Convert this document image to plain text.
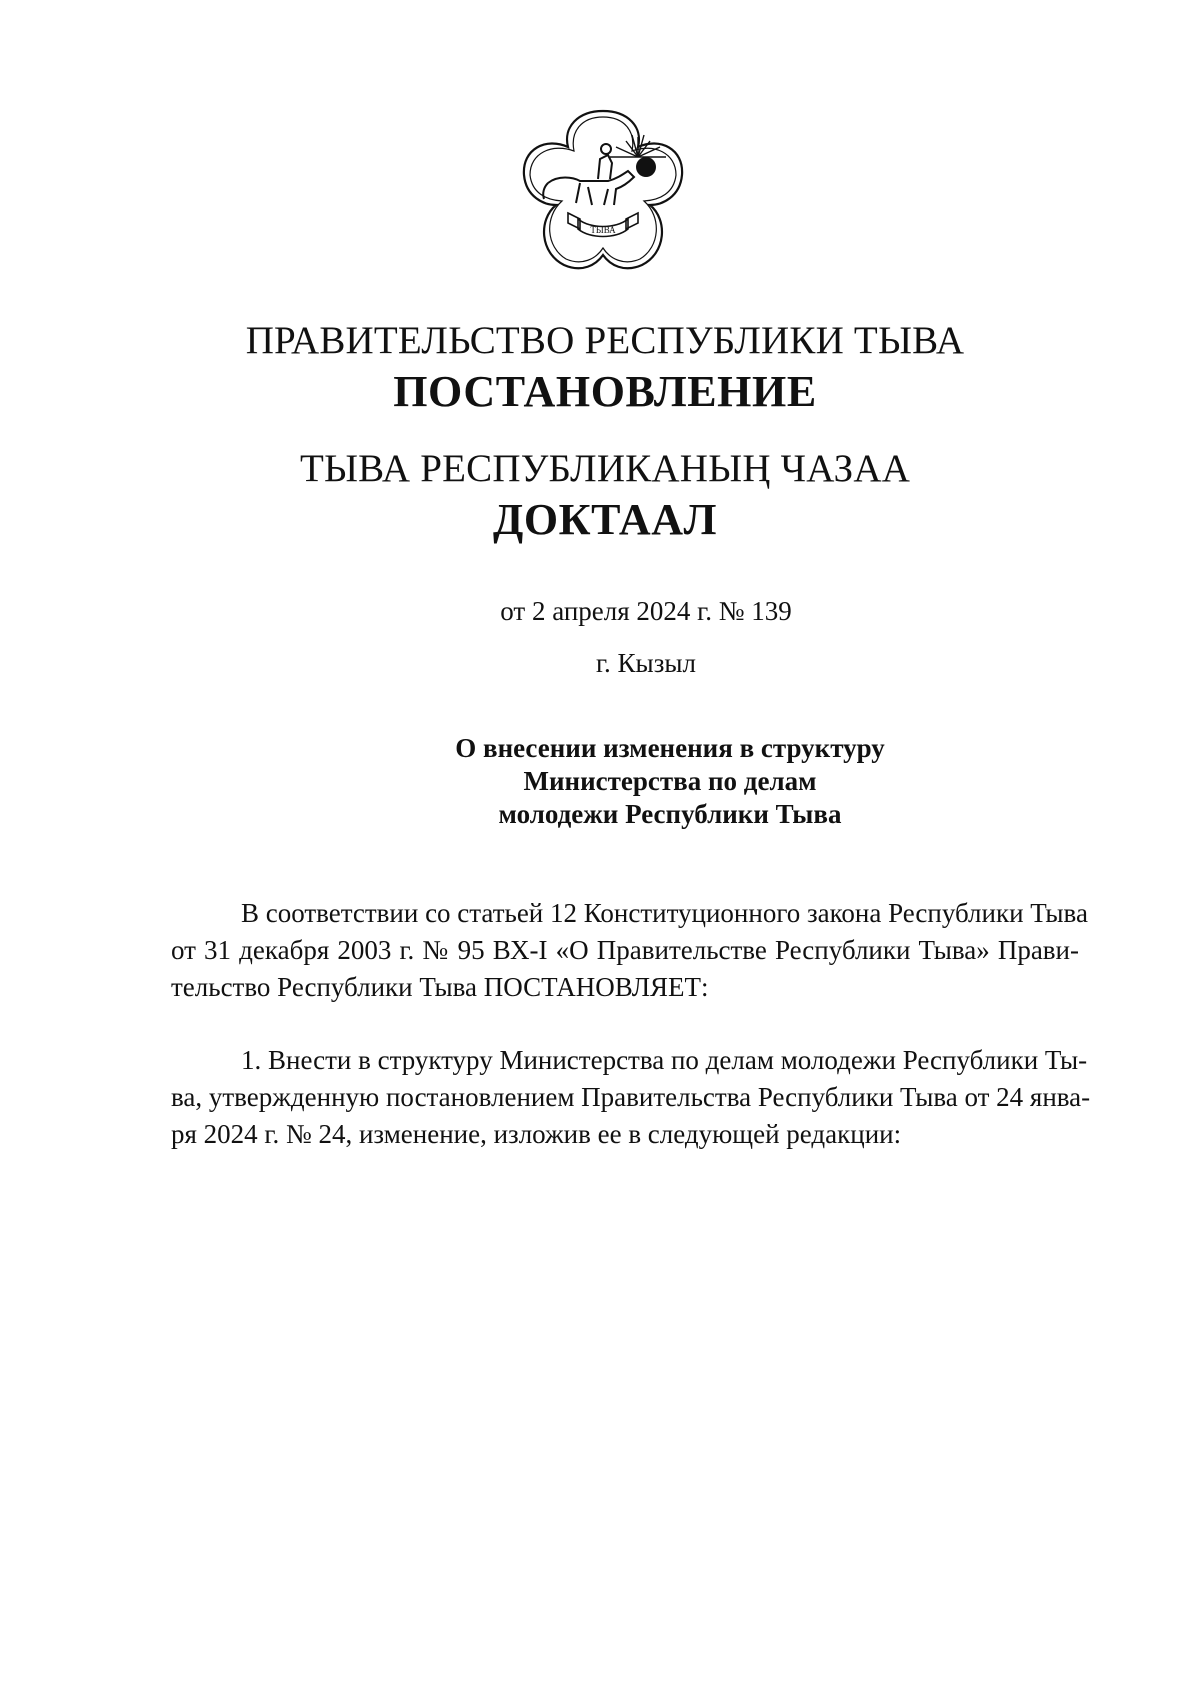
ТЫВА
ПРАВИТЕЛЬСТВО РЕСПУБЛИКИ ТЫВА
ПОСТАНОВЛЕНИЕ
ТЫВА РЕСПУБЛИКАНЫҢ ЧАЗАА
ДОКТААЛ
от 2 апреля 2024 г. № 139
г. Кызыл
О внесении изменения в структуру
Министерства по делам
молодежи Республики Тыва
В соответствии со статьей 12 Конституционного закона Республики Тыва
от 31 декабря 2003 г. № 95 ВХ-I «О Правительстве Республики Тыва» Прави-
тельство Республики Тыва ПОСТАНОВЛЯЕТ:
1. Внести в структуру Министерства по делам молодежи Республики Ты-
ва, утвержденную постановлением Правительства Республики Тыва от 24 янва-
ря 2024 г. № 24, изменение, изложив ее в следующей редакции:
